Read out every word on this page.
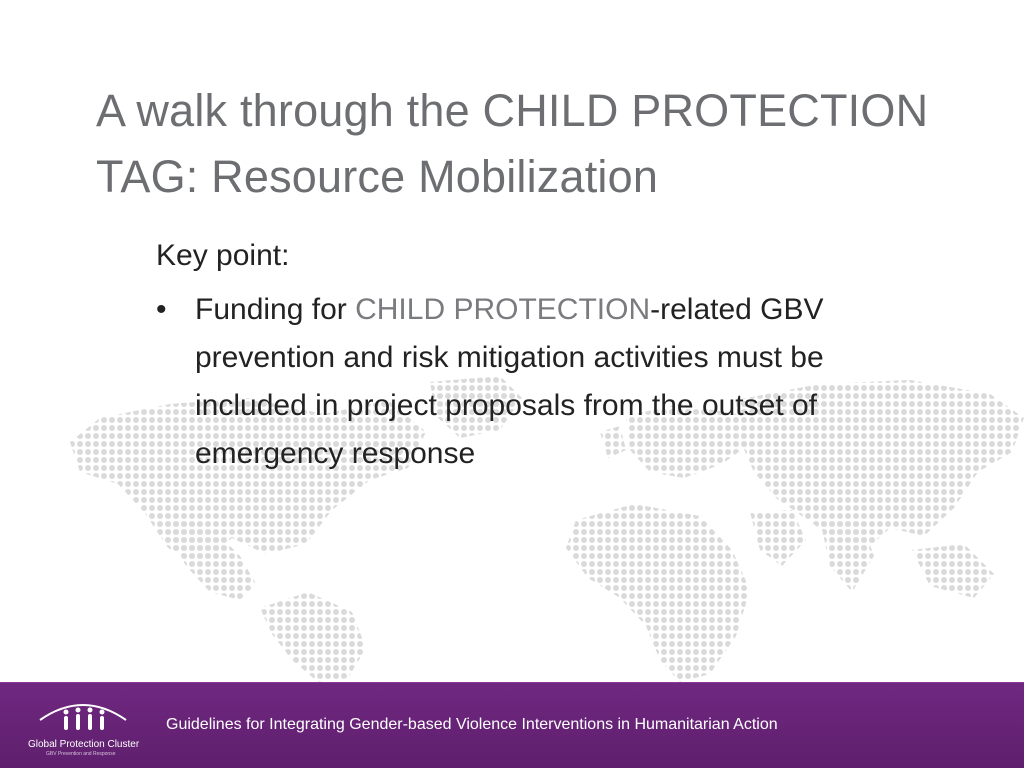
A walk through the CHILD PROTECTION
TAG: Resource Mobilization

Key point:

• Funding for CHILD PROTECTION-related GBV prevention and risk mitigation activities must be included in project proposals from the outset of emergency response
Global Protection Cluster
GBV Prevention and Response
Guidelines for Integrating Gender-based Violence Interventions in Humanitarian Action
